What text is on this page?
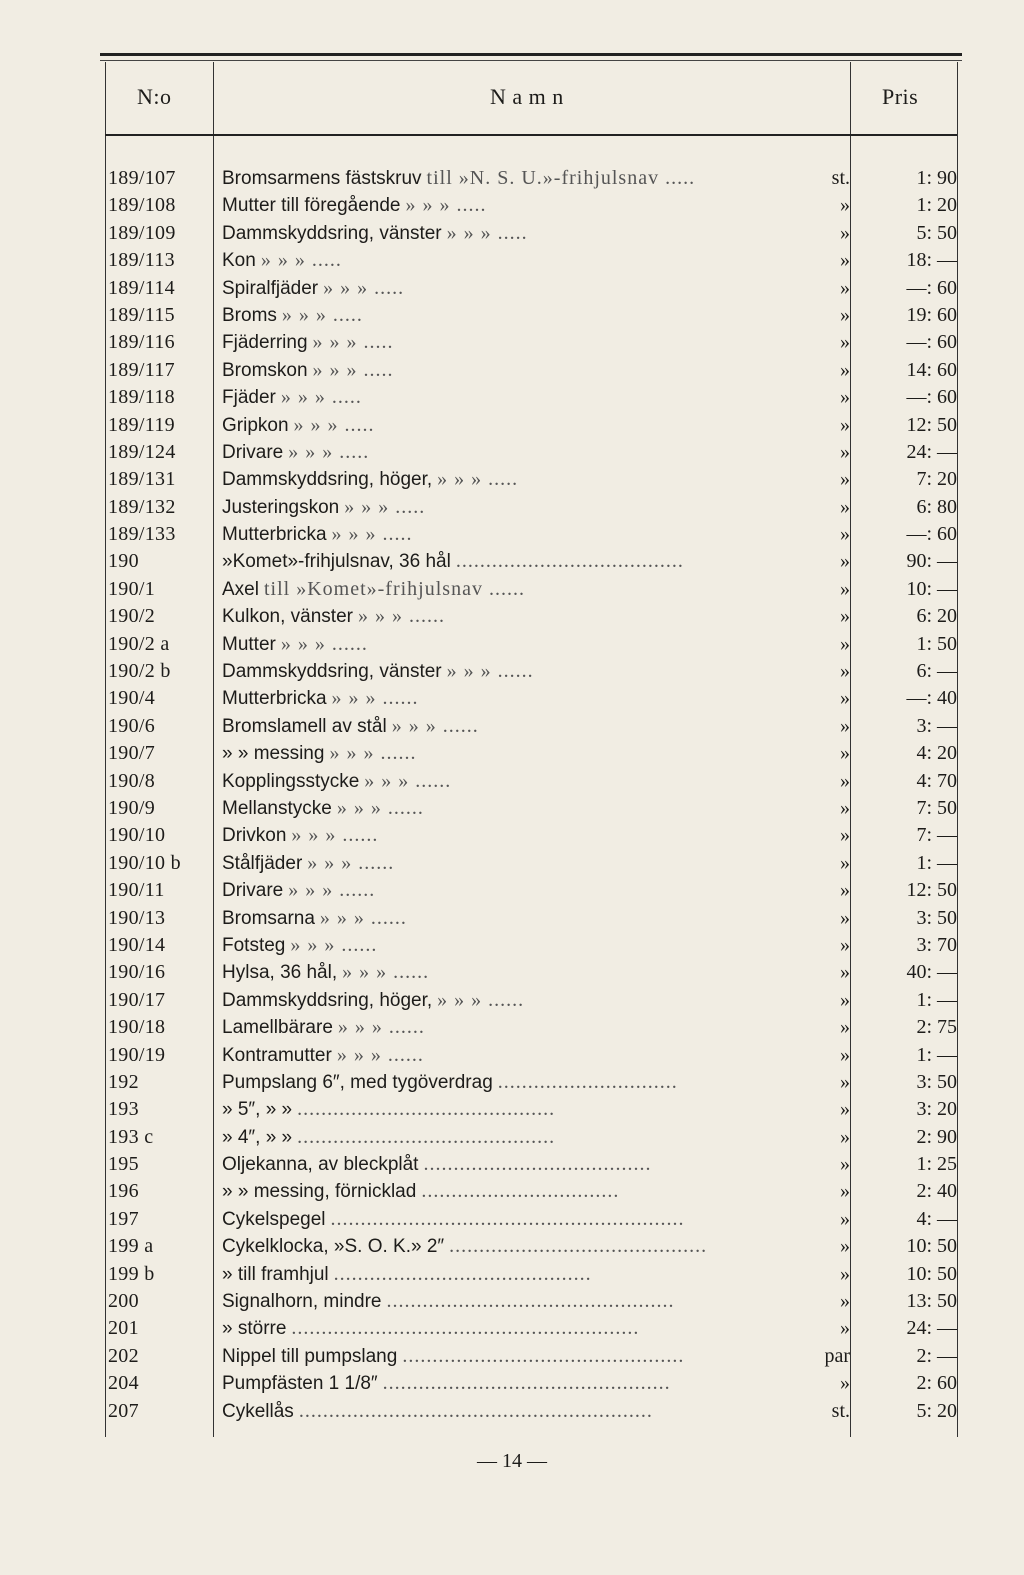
N:o	N a m n	Pris
189/107 Bromsarmens fästskruv till »N. S. U.»-frihjulsnav .....	st.	1: 90
189/108 Mutter till föregående » » » .....	»	1: 20
189/109 Dammskyddsring, vänster » » » .....	»	5: 50
189/113 Kon » » » .....	»	18: —
189/114 Spiralfjäder » » » .....	»	—: 60
189/115 Broms » » » .....	»	19: 60
189/116 Fjäderring » » » .....	»	—: 60
189/117 Bromskon » » » .....	»	14: 60
189/118 Fjäder » » » .....	»	—: 60
189/119 Gripkon » » » .....	»	12: 50
189/124 Drivare » » » .....	»	24: —
189/131 Dammskyddsring, höger, » » » .....	»	7: 20
189/132 Justeringskon » » » .....	»	6: 80
189/133 Mutterbricka » » » .....	»	—: 60
190	»Komet»-frihjulsnav, 36 hål ......................................	»	90: —
190/1	Axel till »Komet»-frihjulsnav ......	»	10: —
190/2	Kulkon, vänster » » » ......	»	6: 20
190/2 a	Mutter » » » ......	»	1: 50
190/2 b	Dammskyddsring, vänster » » » ......	»	6: —
190/4	Mutterbricka » » » ......	»	—: 40
190/6	Bromslamell av stål » » » ......	»	3: —
190/7	» » messing » » » ......	»	4: 20
190/8	Kopplingsstycke » » » ......	»	4: 70
190/9	Mellanstycke » » » ......	»	7: 50
190/10	Drivkon » » » ......	»	7: —
190/10 b Stålfjäder » » » ......	»	1: —
190/11	Drivare » » » ......	»	12: 50
190/13	Bromsarna » » » ......	»	3: 50
190/14	Fotsteg » » » ......	»	3: 70
190/16	Hylsa, 36 hål, » » » ......	»	40: —
190/17	Dammskyddsring, höger, » » » ......	»	1: —
190/18	Lamellbärare » » » ......	»	2: 75
190/19	Kontramutter » » » ......	»	1: —
192	Pumpslang 6″, med tygöverdrag ..............................	»	3: 50
193	» 5″, » » ...........................................	»	3: 20
193 c	» 4″, » » ...........................................	»	2: 90
195	Oljekanna, av bleckplåt ......................................	»	1: 25
196	» » messing, förnicklad .................................	»	2: 40
197	Cykelspegel ...........................................................	»	4: —
199 a	Cykelklocka, »S. O. K.» 2″ ...........................................	»	10: 50
199 b	» till framhjul ...........................................	»	10: 50
200	Signalhorn, mindre ................................................	»	13: 50
201	» större ..........................................................	»	24: —
202	Nippel till pumpslang ...............................................	par	2: —
204	Pumpfästen 1 1/8″ ................................................	»	2: 60
207	Cykellås ...........................................................	st.	5: 20
— 14 —
